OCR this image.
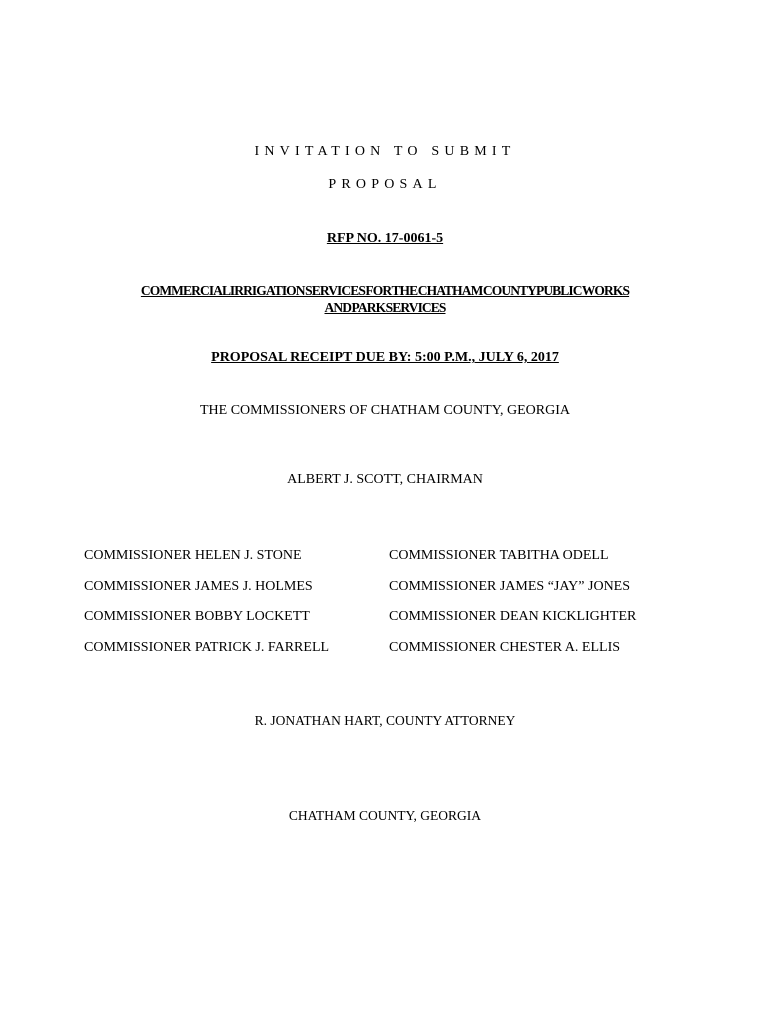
INVITATION TO SUBMIT
PROPOSAL
RFP NO. 17-0061-5
COMMERCIAL IRRIGATION SERVICES FOR THE CHATHAM COUNTY PUBLIC WORKS
AND PARK SERVICES
PROPOSAL RECEIPT DUE BY: 5:00 P.M., JULY 6, 2017
THE COMMISSIONERS OF CHATHAM COUNTY, GEORGIA
ALBERT J. SCOTT, CHAIRMAN
COMMISSIONER HELEN J. STONE	COMMISSIONER TABITHA ODELL
COMMISSIONER JAMES J. HOLMES	COMMISSIONER JAMES “JAY” JONES
COMMISSIONER BOBBY LOCKETT	COMMISSIONER DEAN KICKLIGHTER
COMMISSIONER PATRICK J. FARRELL	COMMISSIONER CHESTER A. ELLIS
R. JONATHAN HART, COUNTY ATTORNEY
CHATHAM COUNTY, GEORGIA
